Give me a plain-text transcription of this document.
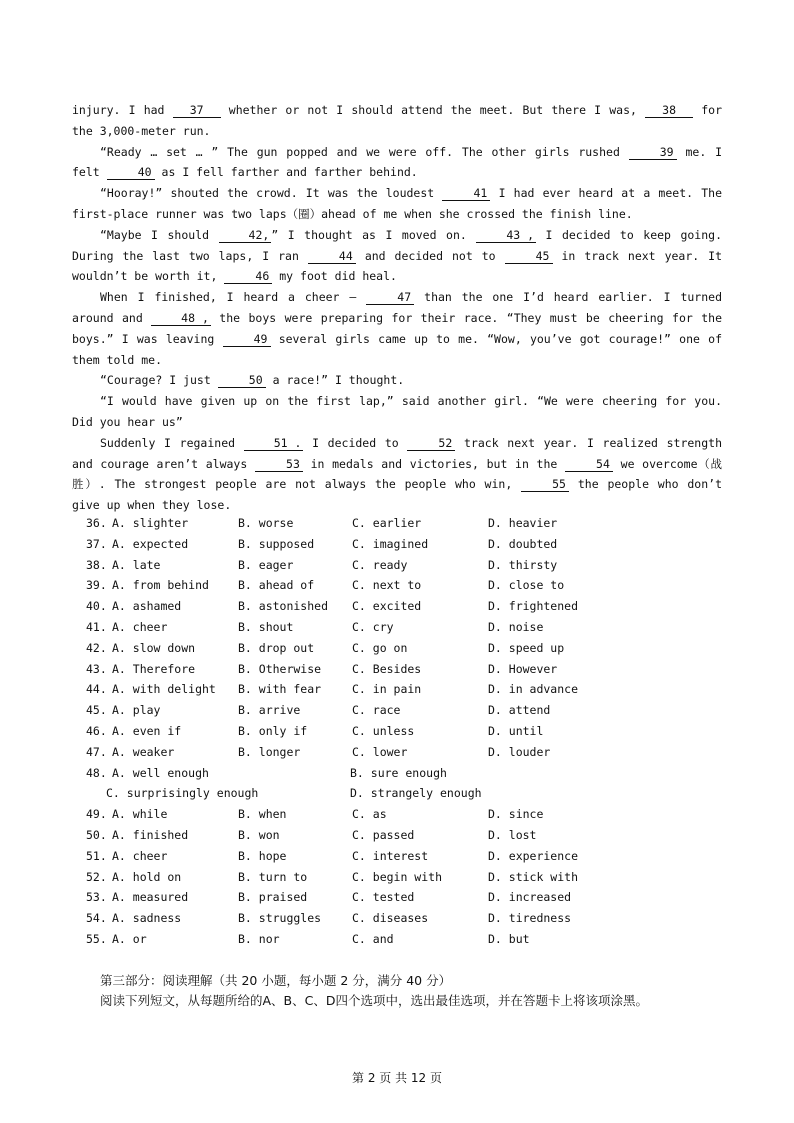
injury. I had 37 whether or not I should attend the meet. But there I was, 38 for the 3,000-meter run.

“Ready … set … ” The gun popped and we were off. The other girls rushed	39 me. I felt	40 as I fell farther and farther behind.

“Hooray!” shouted the crowd. It was the loudest	41 I had ever heard at a meet. The first-place runner was two laps（圈）ahead of me when she crossed the finish line.

“Maybe I should	42, ” I thought as I moved on.	43 , I decided to keep going. During the last two laps, I ran	44 and decided not to	45 in track next year. It wouldn’t be worth it,	46 my foot did heal.

When I finished, I heard a cheer —	47 than the one I’d heard earlier. I turned around and	48 , the boys were preparing for their race. “They must be cheering for the boys.” I was leaving	49 several girls came up to me. “Wow, you’ve got courage!” one of them told me.

“Courage? I just	50 a race!” I thought.

“I would have given up on the first lap,” said another girl. “We were cheering for you. Did you hear us”

Suddenly I regained	51 . I decided to	52 track next year. I realized strength and courage aren’t always	53 in medals and victories, but in the	54 we overcome（战胜）. The strongest people are not always the people who win,	55 the people who don’t give up when they lose.

36. A. slighter	B. worse	C. earlier	D. heavier
37. A. expected	B. supposed	C. imagined	D. doubted
38. A. late	B. eager	C. ready	D. thirsty
39. A. from behind	B. ahead of	C. next to	D. close to
40. A. ashamed	B. astonished C. excited	D. frightened
41. A. cheer	B. shout	C. cry	D. noise
42. A. slow down	B. drop out	C. go on	D. speed up
43. A. Therefore	B. Otherwise	C. Besides	D. However
44. A. with delight B. with fear	C. in pain	D. in advance
45. A. play	B. arrive	C. race	D. attend
46. A. even if	B. only if	C. unless	D. until
47. A. weaker	B. longer	C. lower	D. louder
48. A. well enough	B. sure enough
C. surprisingly enough	D. strangely enough
49. A. while	B. when	C. as	D. since
50. A. finished	B. won	C. passed	D. lost
51. A. cheer	B. hope	C. interest	D. experience
52. A. hold on	B. turn to	C. begin with	D. stick with
53. A. measured	B. praised	C. tested	D. increased
54. A. sadness	B. struggles	C. diseases	D. tiredness
55. A. or	B. nor	C. and	D. but
第三部分：阅读理解（共 20 小题，每小题 2 分，满分 40 分）
阅读下列短文，从每题所给的A、B、C、D四个选项中，选出最佳选项，并在答题卡上将该项涂黑。
第 2 页 共 12 页
